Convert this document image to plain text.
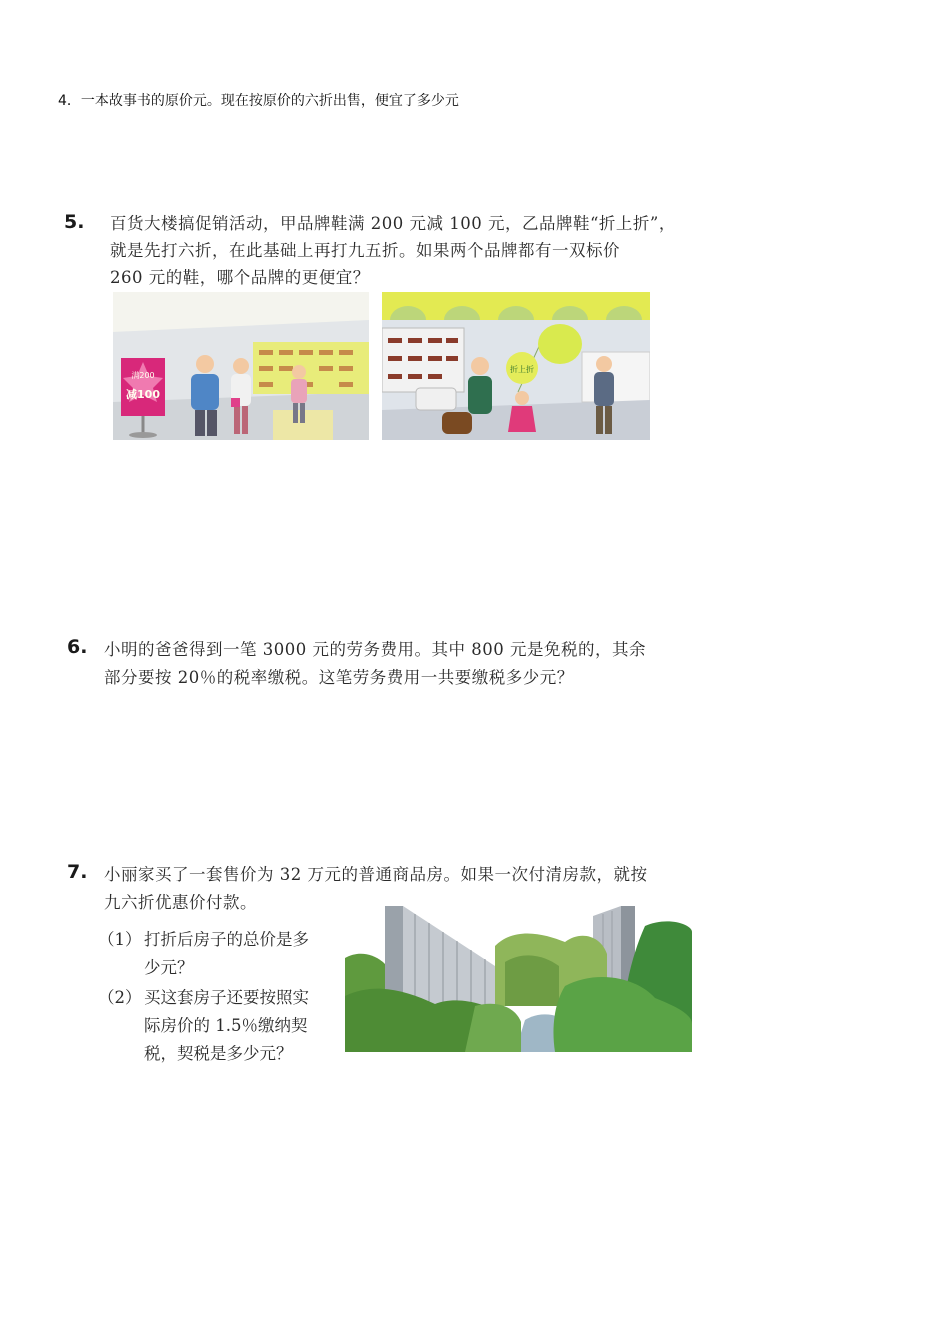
4．一本故事书的原价元。现在按原价的六折出售，便宜了多少元
5. 百货大楼搞促销活动，甲品牌鞋满 200 元减 100 元，乙品牌鞋“折上折”，
就是先打六折，在此基础上再打九五折。如果两个品牌都有一双标价
260 元的鞋，哪个品牌的更便宜？
满200
减100
折上折
6. 小明的爸爸得到一笔 3000 元的劳务费用。其中 800 元是免税的，其余
部分要按 20％的税率缴税。这笔劳务费用一共要缴税多少元？
7. 小丽家买了一套售价为 32 万元的普通商品房。如果一次付清房款，就按
九六折优惠价付款。
（1） 打折后房子的总价是多
少元？
（2） 买这套房子还要按照实
际房价的 1.5％缴纳契
税，契税是多少元？
